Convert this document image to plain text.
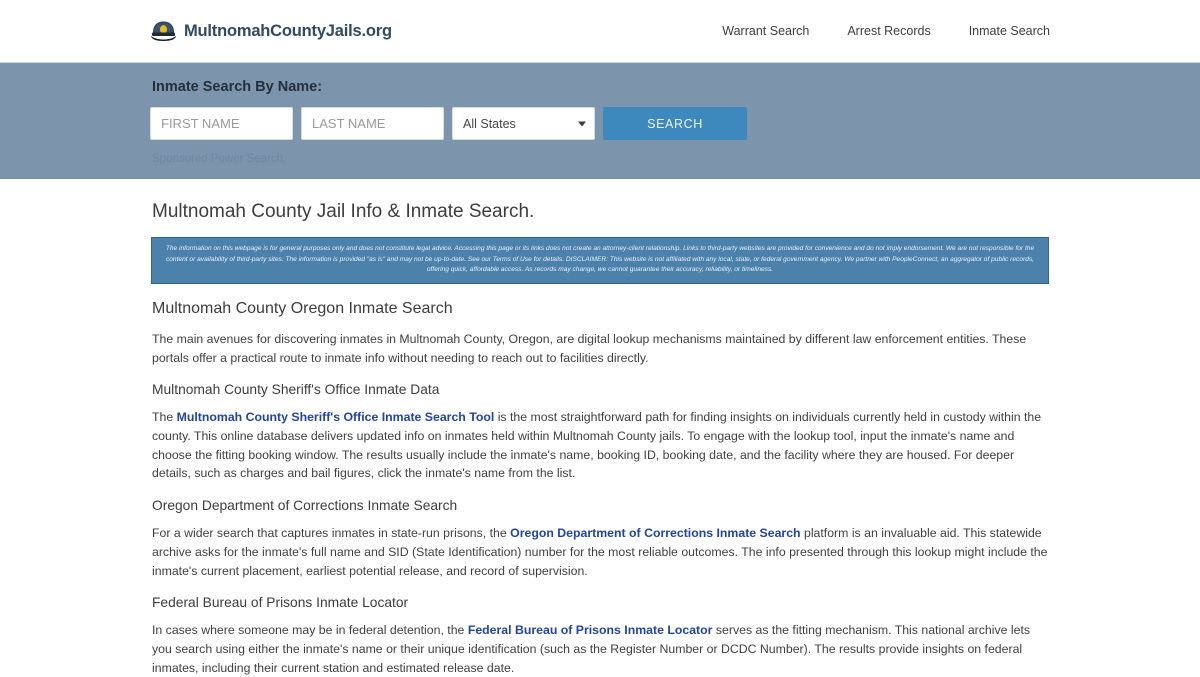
MultnomahCountyJails.org	Warrant Search	Arrest Records	Inmate Search
Inmate Search By Name:
FIRST NAME
LAST NAME
All States
SEARCH
Sponsored Power Search.
Multnomah County Jail Info & Inmate Search.
The information on this webpage is for general purposes only and does not constitute legal advice. Accessing this page or its links does not create an attorney-client relationship. Links to third-party websites are provided for convenience and do not imply endorsement. We are not responsible for the content or availability of third-party sites. The information is provided "as is" and may not be up-to-date. See our Terms of Use for details. DISCLAIMER: This website is not affiliated with any local, state, or federal government agency. We partner with PeopleConnect, an aggregator of public records, offering quick, affordable access. As records may change, we cannot guarantee their accuracy, reliability, or timeliness.
Multnomah County Oregon Inmate Search

The main avenues for discovering inmates in Multnomah County, Oregon, are digital lookup mechanisms maintained by different law enforcement entities. These portals offer a practical route to inmate info without needing to reach out to facilities directly.

Multnomah County Sheriff's Office Inmate Data

The Multnomah County Sheriff's Office Inmate Search Tool is the most straightforward path for finding insights on individuals currently held in custody within the county. This online database delivers updated info on inmates held within Multnomah County jails. To engage with the lookup tool, input the inmate's name and choose the fitting booking window. The results usually include the inmate's name, booking ID, booking date, and the facility where they are housed. For deeper details, such as charges and bail figures, click the inmate's name from the list.

Oregon Department of Corrections Inmate Search

For a wider search that captures inmates in state-run prisons, the Oregon Department of Corrections Inmate Search platform is an invaluable aid. This statewide archive asks for the inmate's full name and SID (State Identification) number for the most reliable outcomes. The info presented through this lookup might include the inmate's current placement, earliest potential release, and record of supervision.

Federal Bureau of Prisons Inmate Locator

In cases where someone may be in federal detention, the Federal Bureau of Prisons Inmate Locator serves as the fitting mechanism. This national archive lets you search using either the inmate's name or their unique identification (such as the Register Number or DCDC Number). The results provide insights on federal inmates, including their current station and estimated release date.
